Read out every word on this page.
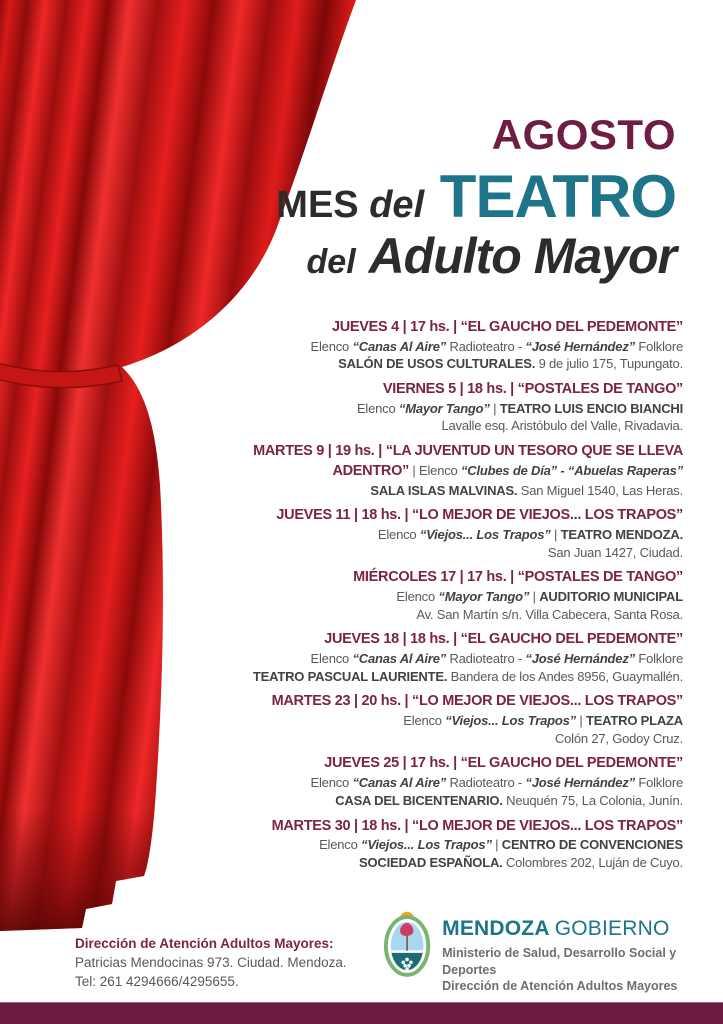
AGOSTO
MES del TEATRO
del Adulto Mayor

JUEVES 4 | 17 hs. | “EL GAUCHO DEL PEDEMONTE”

Elenco “Canas Al Aire” Radioteatro - “José Hernández” Folklore

SALÓN DE USOS CULTURALES. 9 de julio 175, Tupungato.

VIERNES 5 | 18 hs. | “POSTALES DE TANGO”

Elenco “Mayor Tango” | TEATRO LUIS ENCIO BIANCHI

Lavalle esq. Aristóbulo del Valle, Rivadavia.

MARTES 9 | 19 hs. | “LA JUVENTUD UN TESORO QUE SE LLEVA ADENTRO” | Elenco “Clubes de Día” - “Abuelas Raperas”

SALA ISLAS MALVINAS. San Miguel 1540, Las Heras.

JUEVES 11 | 18 hs. | “LO MEJOR DE VIEJOS... LOS TRAPOS”

Elenco “Viejos... Los Trapos” | TEATRO MENDOZA.

San Juan 1427, Ciudad.

MIÉRCOLES 17 | 17 hs. | “POSTALES DE TANGO”

Elenco “Mayor Tango” | AUDITORIO MUNICIPAL

Av. San Martín s/n. Villa Cabecera, Santa Rosa.

JUEVES 18 | 18 hs. | “EL GAUCHO DEL PEDEMONTE”

Elenco “Canas Al Aire” Radioteatro - “José Hernández” Folklore

TEATRO PASCUAL LAURIENTE. Bandera de los Andes 8956, Guaymallén.

MARTES 23 | 20 hs. | “LO MEJOR DE VIEJOS... LOS TRAPOS”

Elenco “Viejos... Los Trapos” | TEATRO PLAZA

Colón 27, Godoy Cruz.

JUEVES 25 | 17 hs. | “EL GAUCHO DEL PEDEMONTE”

Elenco “Canas Al Aire” Radioteatro - “José Hernández” Folklore

CASA DEL BICENTENARIO. Neuquén 75, La Colonia, Junín.

MARTES 30 | 18 hs. | “LO MEJOR DE VIEJOS... LOS TRAPOS”

Elenco “Viejos... Los Trapos” | CENTRO DE CONVENCIONES

SOCIEDAD ESPAÑOLA. Colombres 202, Luján de Cuyo.

Dirección de Atención Adultos Mayores:
Patricias Mendocinas 973. Ciudad. Mendoza.
Tel: 261 4294666/4295655.
MENDOZA GOBIERNO
Ministerio de Salud, Desarrollo Social y Deportes
Dirección de Atención Adultos Mayores
